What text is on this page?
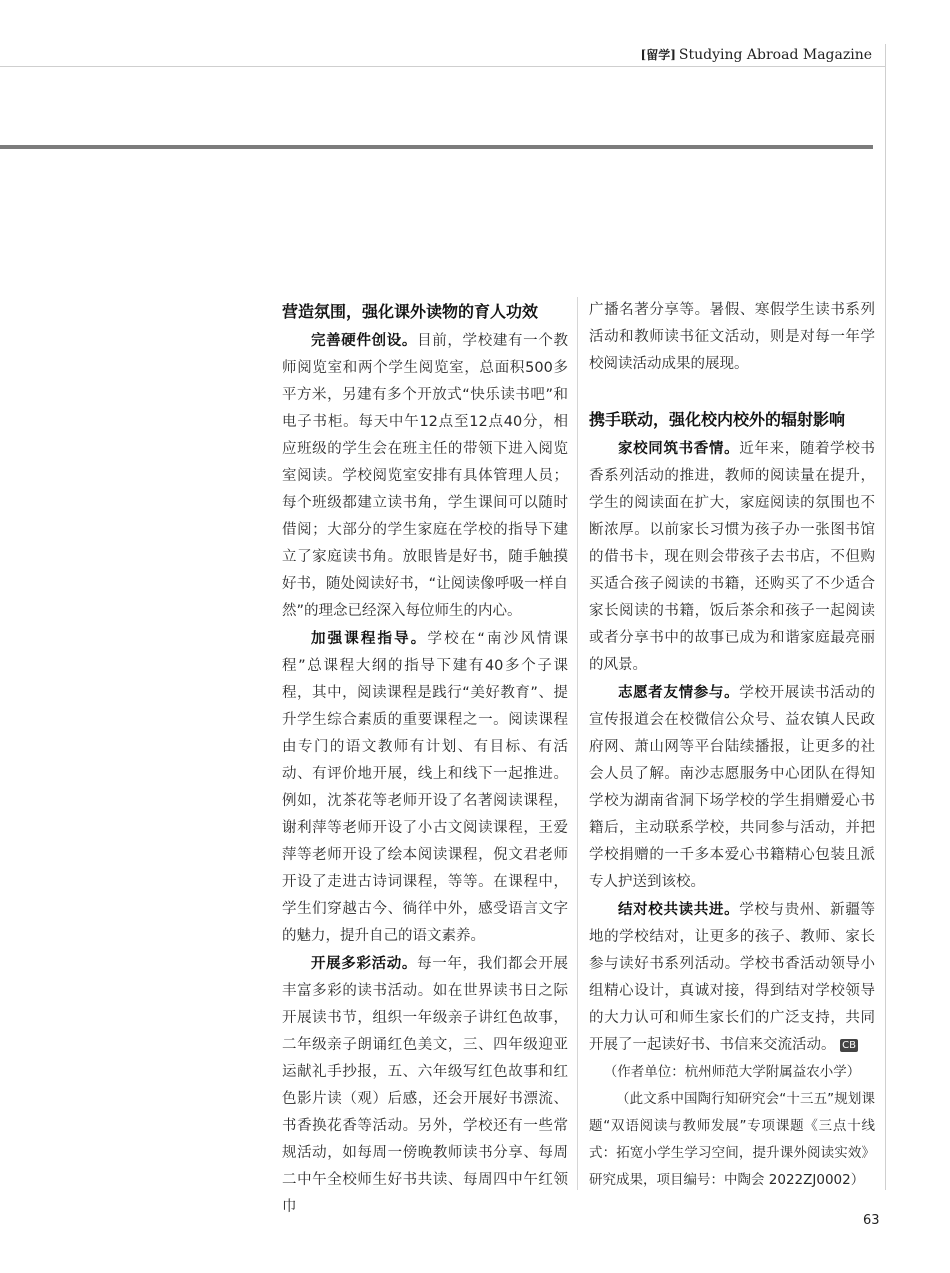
[留学] Studying Abroad Magazine
营造氛围，强化课外读物的育人功效

完善硬件创设。目前，学校建有一个教师阅览室和两个学生阅览室，总面积500多平方米，另建有多个开放式“快乐读书吧”和电子书柜。每天中午12点至12点40分，相应班级的学生会在班主任的带领下进入阅览室阅读。学校阅览室安排有具体管理人员；每个班级都建立读书角，学生课间可以随时借阅；大部分的学生家庭在学校的指导下建立了家庭读书角。放眼皆是好书，随手触摸好书，随处阅读好书，“让阅读像呼吸一样自然”的理念已经深入每位师生的内心。

加强课程指导。学校在“南沙风情课程”总课程大纲的指导下建有40多个子课程，其中，阅读课程是践行“美好教育”、提升学生综合素质的重要课程之一。阅读课程由专门的语文教师有计划、有目标、有活动、有评价地开展，线上和线下一起推进。例如，沈茶花等老师开设了名著阅读课程，谢利萍等老师开设了小古文阅读课程，王爱萍等老师开设了绘本阅读课程，倪文君老师开设了走进古诗词课程，等等。在课程中，学生们穿越古今、徜徉中外，感受语言文字的魅力，提升自己的语文素养。

开展多彩活动。每一年，我们都会开展丰富多彩的读书活动。如在世界读书日之际开展读书节，组织一年级亲子讲红色故事，二年级亲子朗诵红色美文，三、四年级迎亚运献礼手抄报，五、六年级写红色故事和红色影片读（观）后感，还会开展好书漂流、书香换花香等活动。另外，学校还有一些常规活动，如每周一傍晚教师读书分享、每周二中午全校师生好书共读、每周四中午红领巾

广播名著分享等。暑假、寒假学生读书系列活动和教师读书征文活动，则是对每一年学校阅读活动成果的展现。

携手联动，强化校内校外的辐射影响

家校同筑书香情。近年来，随着学校书香系列活动的推进，教师的阅读量在提升，学生的阅读面在扩大，家庭阅读的氛围也不断浓厚。以前家长习惯为孩子办一张图书馆的借书卡，现在则会带孩子去书店，不但购买适合孩子阅读的书籍，还购买了不少适合家长阅读的书籍，饭后茶余和孩子一起阅读或者分享书中的故事已成为和谐家庭最亮丽的风景。

志愿者友情参与。学校开展读书活动的宣传报道会在校微信公众号、益农镇人民政府网、萧山网等平台陆续播报，让更多的社会人员了解。南沙志愿服务中心团队在得知学校为湖南省洞下场学校的学生捐赠爱心书籍后，主动联系学校，共同参与活动，并把学校捐赠的一千多本爱心书籍精心包装且派专人护送到该校。

结对校共读共进。学校与贵州、新疆等地的学校结对，让更多的孩子、教师、家长参与读好书系列活动。学校书香活动领导小组精心设计，真诚对接，得到结对学校领导的大力认可和师生家长们的广泛支持，共同开展了一起读好书、书信来交流活动。 CB

（作者单位：杭州师范大学附属益农小学）

（此文系中国陶行知研究会“十三五”规划课题“双语阅读与教师发展”专项课题《三点十线式：拓宽小学生学习空间，提升课外阅读实效》研究成果，项目编号：中陶会 2022ZJ0002）

63
